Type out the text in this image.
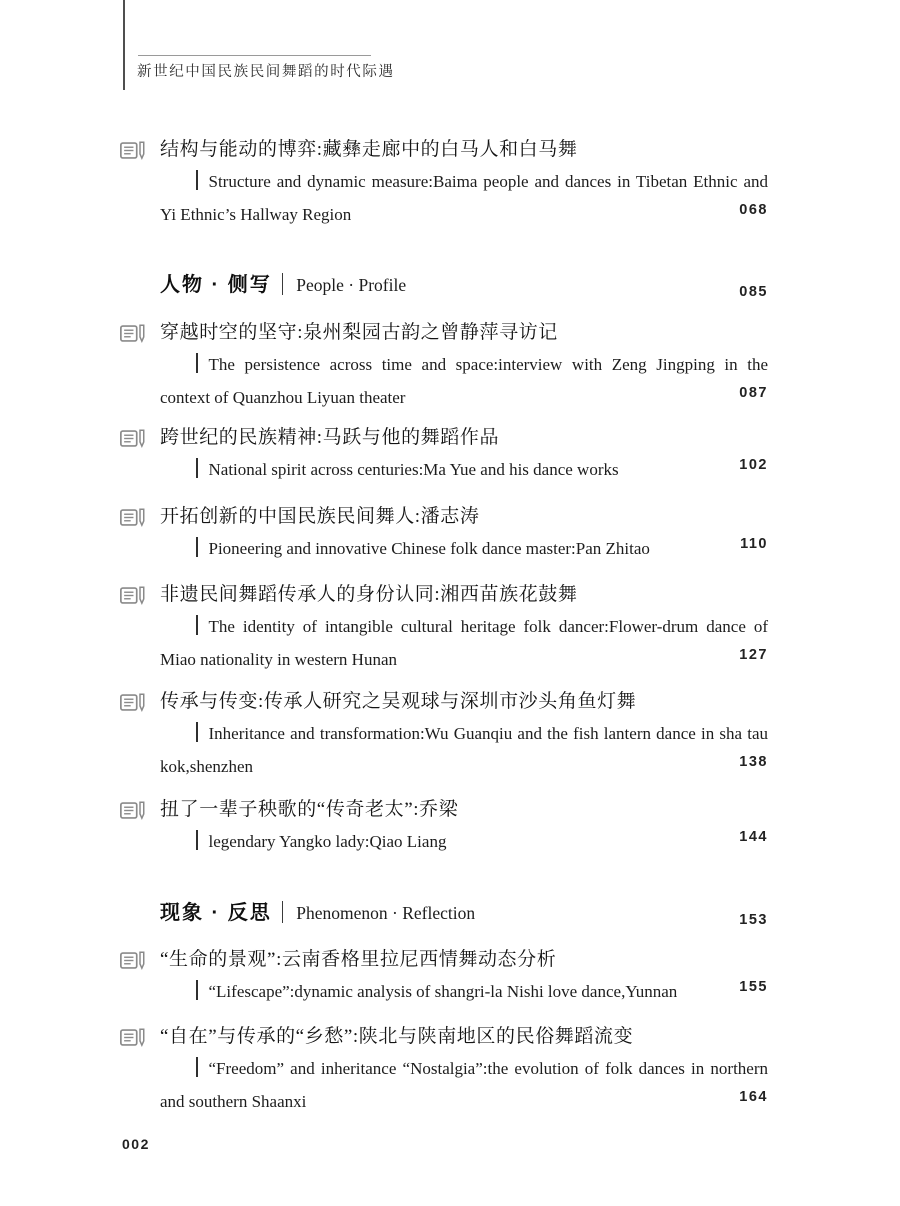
新世纪中国民族民间舞蹈的时代际遇
结构与能动的博弈:藏彝走廊中的白马人和白马舞
Structure and dynamic measure:Baima people and dances in Tibetan Ethnic and Yi Ethnic’s Hallway Region	068
人物 · 侧写 People · Profile	085
穿越时空的坚守:泉州梨园古韵之曾静萍寻访记
The persistence across time and space:interview with Zeng Jingping in the context of Quanzhou Liyuan theater	087
跨世纪的民族精神:马跃与他的舞蹈作品
National spirit across centuries:Ma Yue and his dance works	102
开拓创新的中国民族民间舞人:潘志涛
Pioneering and innovative Chinese folk dance master:Pan Zhitao	110
非遗民间舞蹈传承人的身份认同:湘西苗族花鼓舞
The identity of intangible cultural heritage folk dancer:Flower-drum dance of Miao nationality in western Hunan	127
传承与传变:传承人研究之吴观球与深圳市沙头角鱼灯舞
Inheritance and transformation:Wu Guanqiu and the fish lantern dance in sha tau kok,shenzhen	138
扭了一辈子秧歌的“传奇老太”:乔梁
legendary Yangko lady:Qiao Liang	144
现象 · 反思 Phenomenon · Reflection	153
“生命的景观”:云南香格里拉尼西情舞动态分析
“Lifescape”:dynamic analysis of shangri-la Nishi love dance,Yunnan	155
“自在”与传承的“乡愁”:陕北与陕南地区的民俗舞蹈流变
“Freedom” and inheritance “Nostalgia”:the evolution of folk dances in northern and southern Shaanxi	164
002
